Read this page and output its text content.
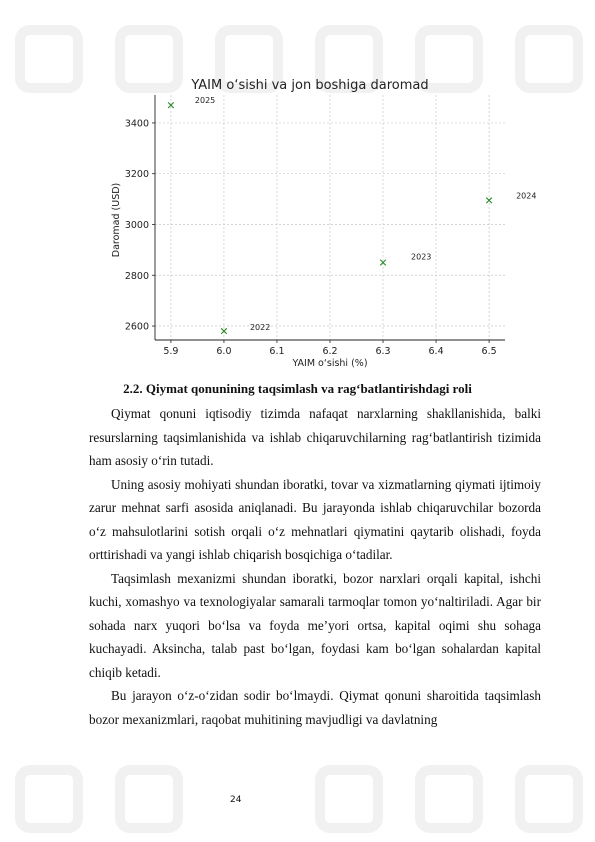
YAIM o‘sishi va jon boshiga daromad
5.9	6.0	6.1	6.2	6.3	6.4	6.5
2600
2800
3000
3200
3400
2025
2022
2023
2024
YAIM o‘sishi (%)
Daromad (USD)
2.2. Qiymat qonunining taqsimlash va rag‘batlantirishdagi roli

Qiymat qonuni iqtisodiy tizimda nafaqat narxlarning shakllanishida, balki resurslarning taqsimlanishida va ishlab chiqaruvchilarning rag‘batlantirish tizimida ham asosiy o‘rin tutadi.

Uning asosiy mohiyati shundan iboratki, tovar va xizmatlarning qiymati ijtimoiy zarur mehnat sarfi asosida aniqlanadi. Bu jarayonda ishlab chiqaruvchilar bozorda o‘z mahsulotlarini sotish orqali o‘z mehnatlari qiymatini qaytarib olishadi, foyda orttirishadi va yangi ishlab chiqarish bosqichiga o‘tadilar.

Taqsimlash mexanizmi shundan iboratki, bozor narxlari orqali kapital, ishchi kuchi, xomashyo va texnologiyalar samarali tarmoqlar tomon yo‘naltiriladi. Agar bir sohada narx yuqori bo‘lsa va foyda me’yori ortsa, kapital oqimi shu sohaga kuchayadi. Aksincha, talab past bo‘lgan, foydasi kam bo‘lgan sohalardan kapital chiqib ketadi.

Bu jarayon o‘z-o‘zidan sodir bo‘lmaydi. Qiymat qonuni sharoitida taqsimlash bozor mexanizmlari, raqobat muhitining mavjudligi va davlatning

24
